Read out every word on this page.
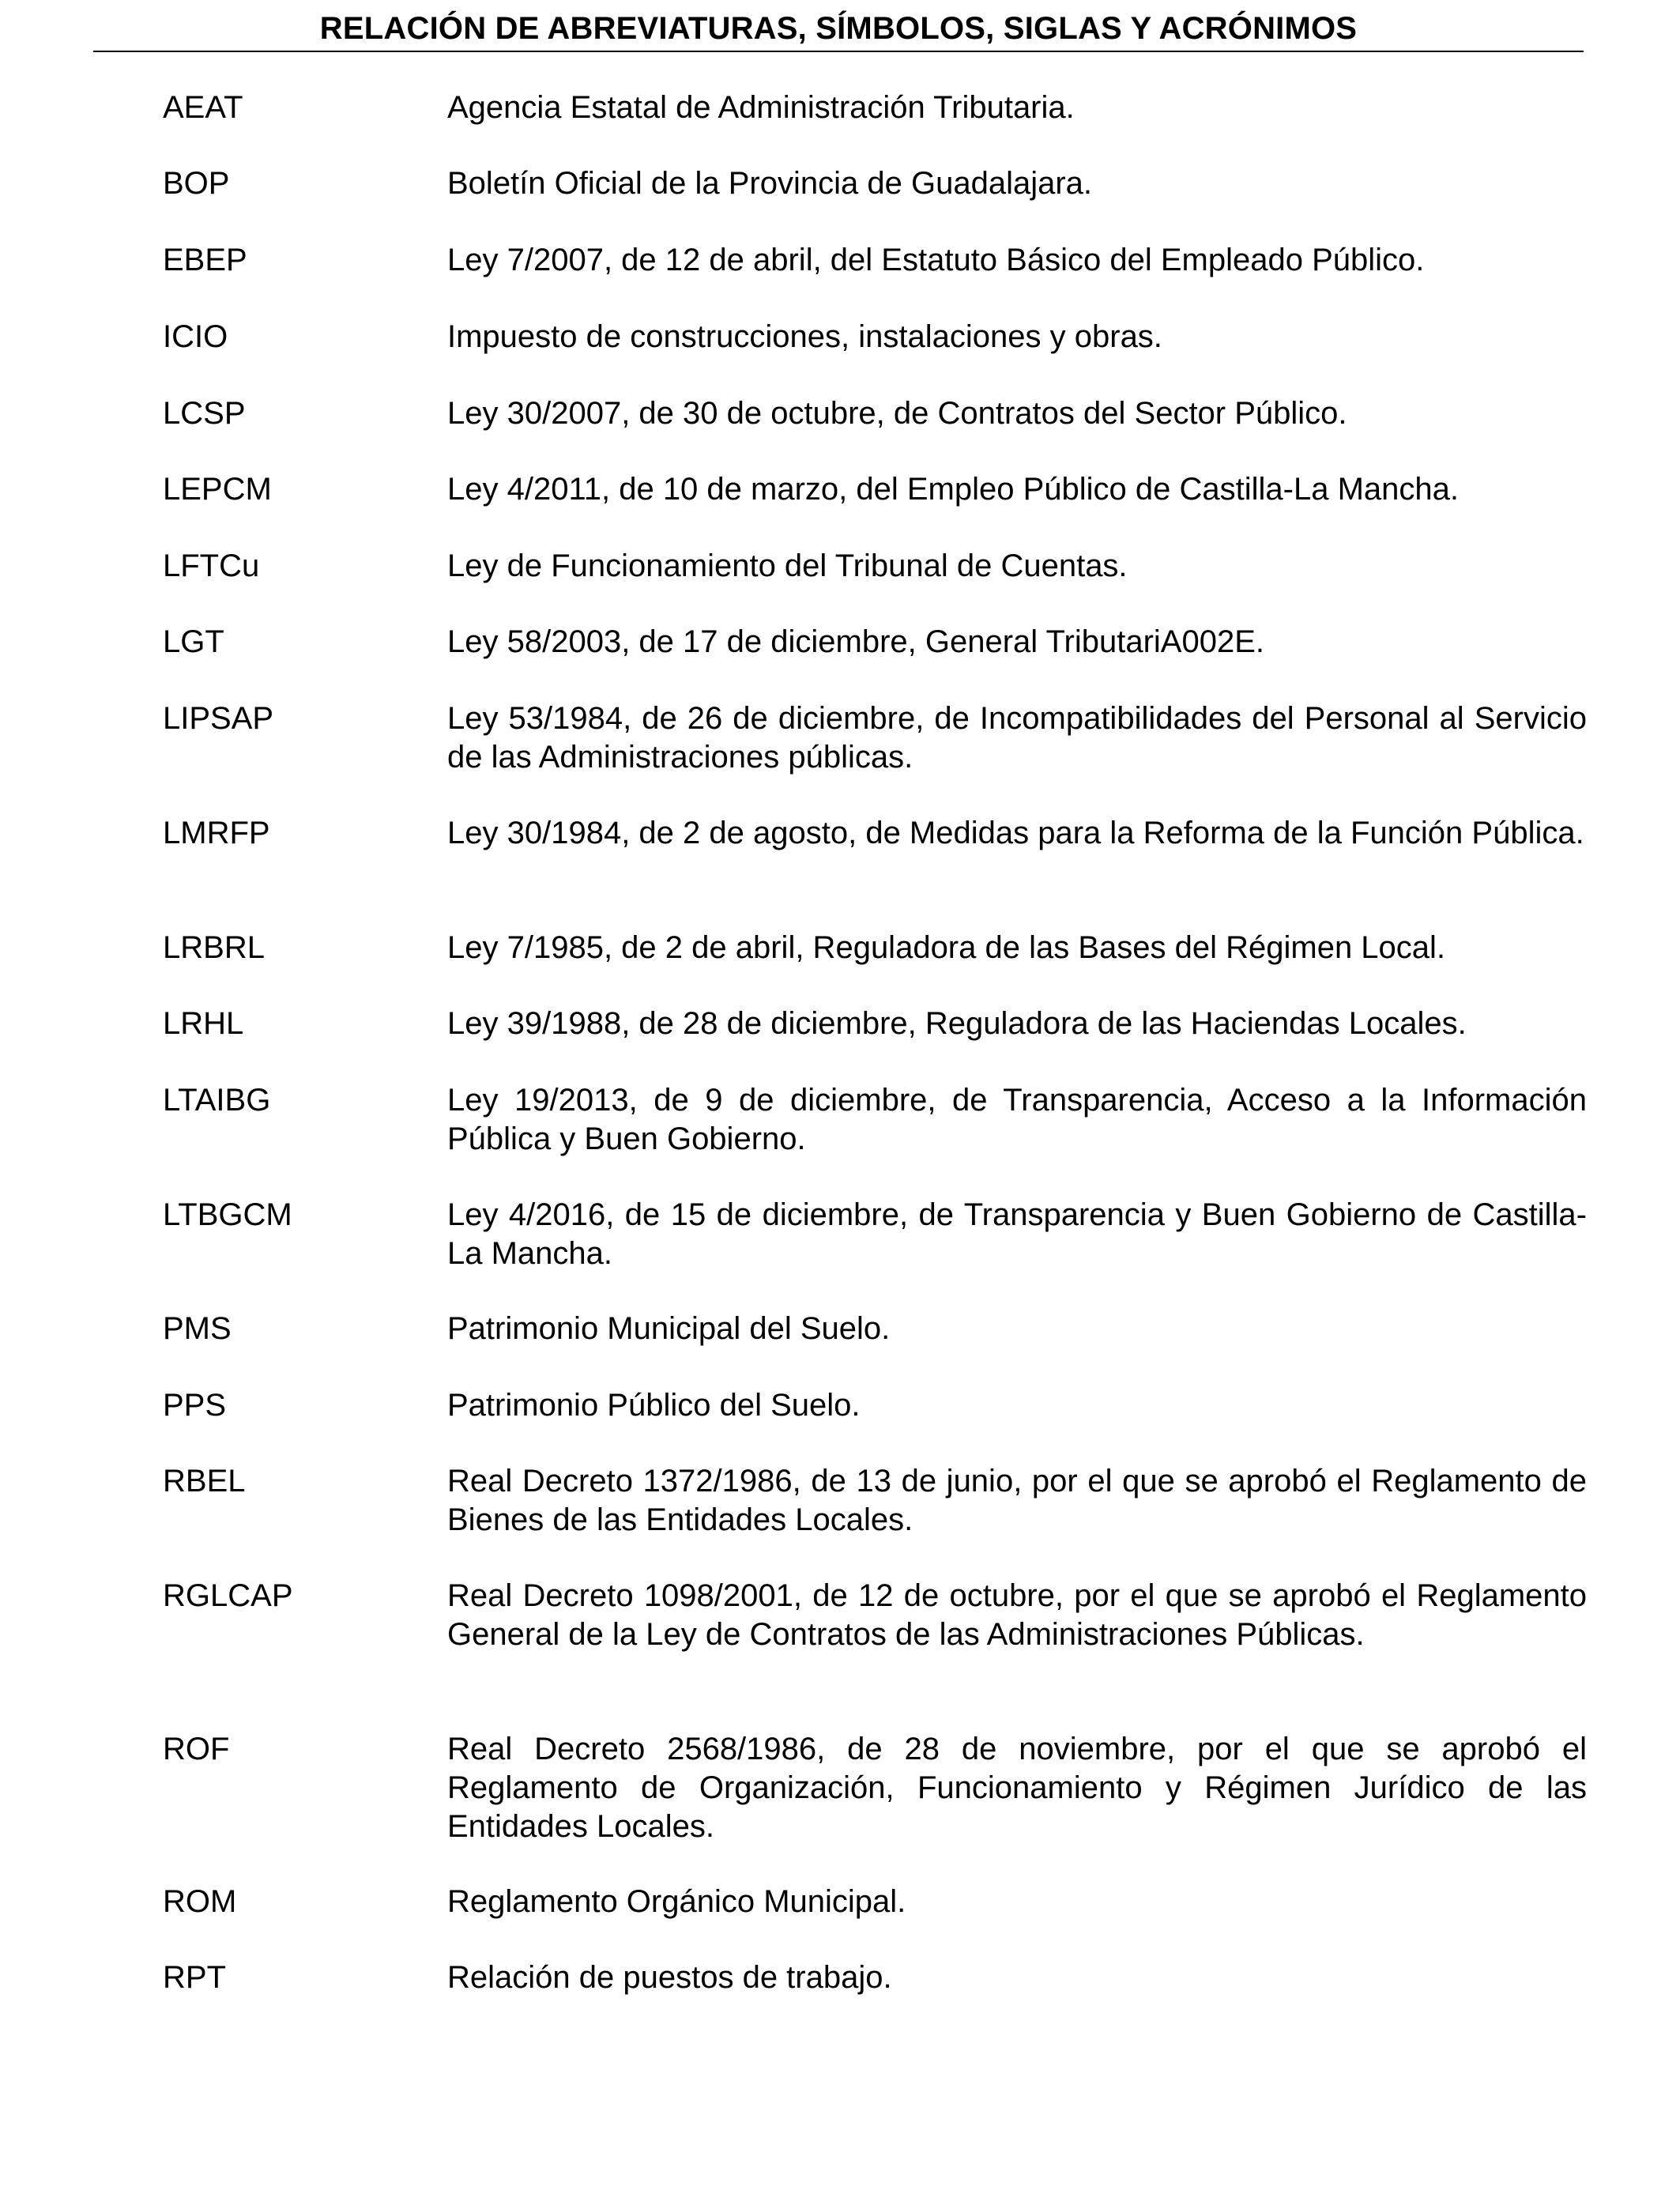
RELACIÓN DE ABREVIATURAS, SÍMBOLOS, SIGLAS Y ACRÓNIMOS
AEAT	Agencia Estatal de Administración Tributaria.
BOP	Boletín Oficial de la Provincia de Guadalajara.
EBEP	Ley 7/2007, de 12 de abril, del Estatuto Básico del Empleado Público.
ICIO	Impuesto de construcciones, instalaciones y obras.
LCSP	Ley 30/2007, de 30 de octubre, de Contratos del Sector Público.
LEPCM	Ley 4/2011, de 10 de marzo, del Empleo Público de Castilla-La Mancha.
LFTCu	Ley de Funcionamiento del Tribunal de Cuentas.
LGT	Ley 58/2003, de 17 de diciembre, General TributariA002E.
LIPSAP	Ley 53/1984, de 26 de diciembre, de Incompatibilidades del Personal al Servicio de las Administraciones públicas.
LMRFP	Ley 30/1984, de 2 de agosto, de Medidas para la Reforma de la Función Pública.
LRBRL	Ley 7/1985, de 2 de abril, Reguladora de las Bases del Régimen Local.
LRHL	Ley 39/1988, de 28 de diciembre, Reguladora de las Haciendas Locales.
LTAIBG	Ley 19/2013, de 9 de diciembre, de Transparencia, Acceso a la Información Pública y Buen Gobierno.
LTBGCM	Ley 4/2016, de 15 de diciembre, de Transparencia y Buen Gobierno de Castilla-La Mancha.
PMS	Patrimonio Municipal del Suelo.
PPS	Patrimonio Público del Suelo.
RBEL	Real Decreto 1372/1986, de 13 de junio, por el que se aprobó el Reglamento de Bienes de las Entidades Locales.
RGLCAP	Real Decreto 1098/2001, de 12 de octubre, por el que se aprobó el Reglamento General de la Ley de Contratos de las Administraciones Públicas.
ROF	Real Decreto 2568/1986, de 28 de noviembre, por el que se aprobó el Reglamento de Organización, Funcionamiento y Régimen Jurídico de las Entidades Locales.
ROM	Reglamento Orgánico Municipal.
RPT	Relación de puestos de trabajo.
